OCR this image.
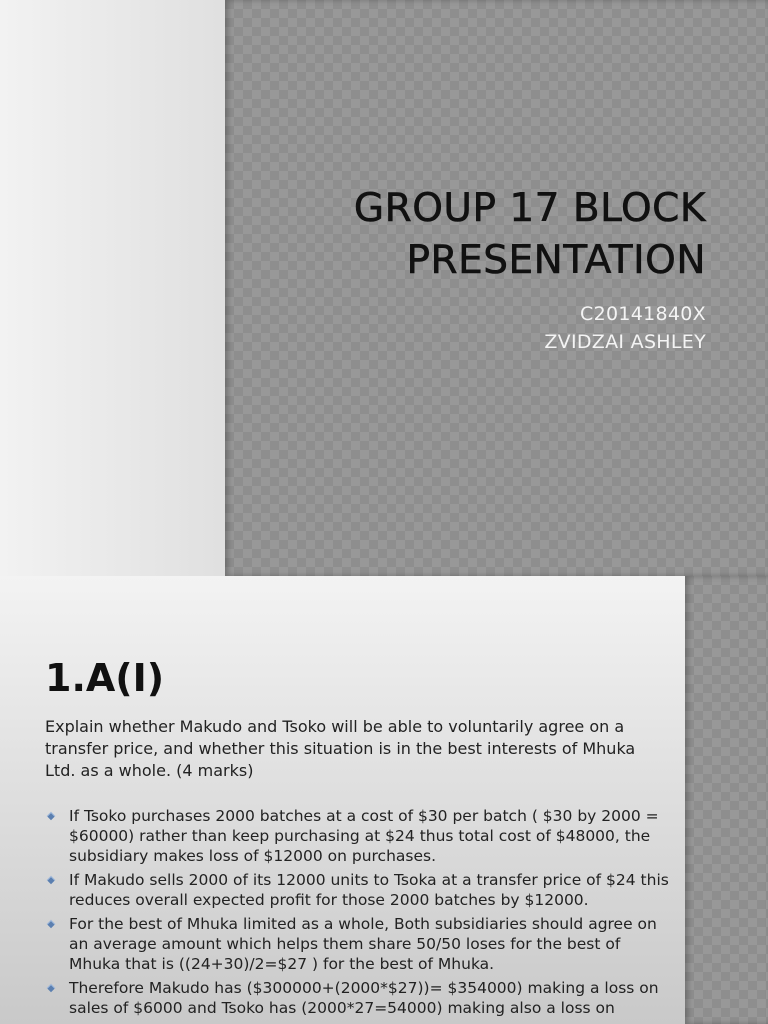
GROUP 17 BLOCK
PRESENTATION
C20141840X
ZVIDZAI ASHLEY
1.A(I)

Explain whether Makudo and Tsoko will be able to voluntarily agree on a transfer price, and whether this situation is in the best interests of Mhuka Ltd. as a whole. (4 marks)

If Tsoko purchases 2000 batches at a cost of $30 per batch ( $30 by 2000 = $60000) rather than keep purchasing at $24 thus total cost of $48000, the subsidiary makes loss of $12000 on purchases.
If Makudo sells 2000 of its 12000 units to Tsoka at a transfer price of $24 this reduces overall expected profit for those 2000 batches by $12000.
For the best of Mhuka limited as a whole, Both subsidiaries should agree on an average amount which helps them share 50/50 loses for the best of Mhuka that is ((24+30)/2=$27 ) for the best of Mhuka.
Therefore Makudo has ($300000+(2000*$27))= $354000) making a loss on sales of $6000 and Tsoko has (2000*27=54000) making also a loss on
